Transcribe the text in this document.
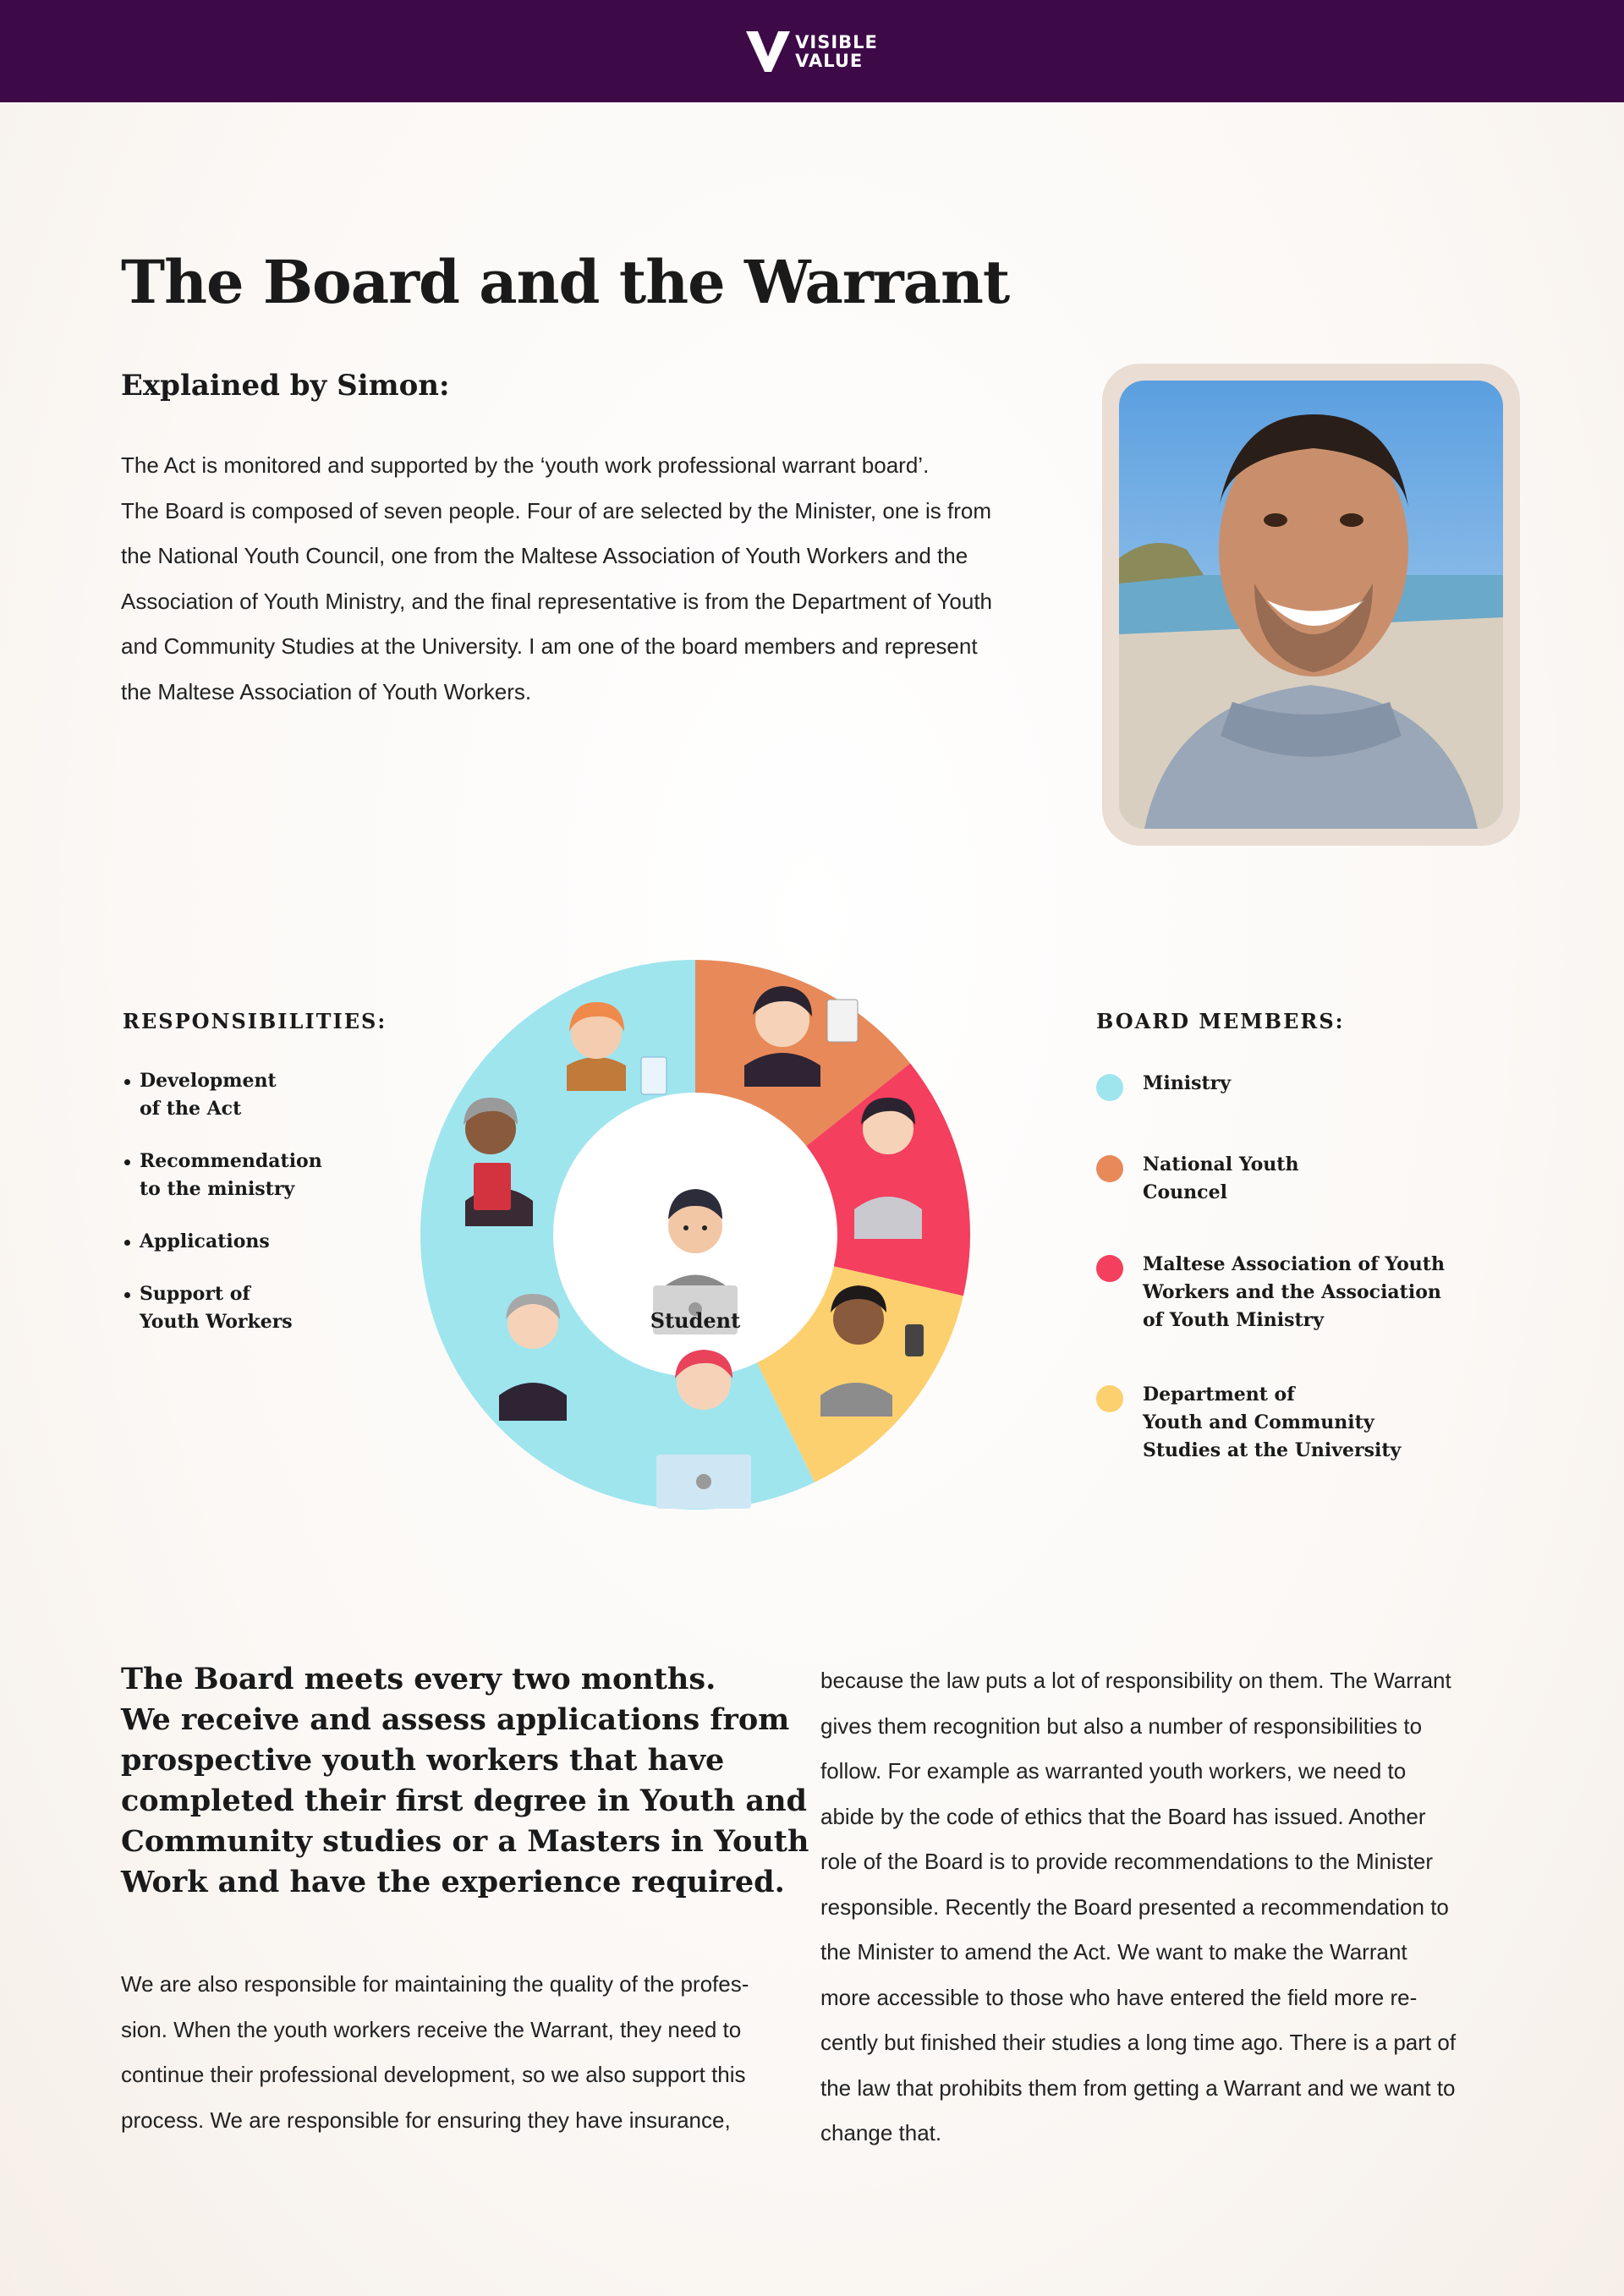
VISIBLE
VALUE
The Board and the Warrant
Explained by Simon:

The Act is monitored and supported by the ‘youth work professional warrant board’.

The Board is composed of seven people. Four of are selected by the Minister, one is from

the National Youth Council, one from the Maltese Association of Youth Workers and the

Association of Youth Ministry, and the final representative is from the Department of Youth

and Community Studies at the University. I am one of the board members and represent

the Maltese Association of Youth Workers.

RESPONSIBILITIES:
Development
of the Act
Recommendation
to the ministry
Applications
Support of
Youth Workers	Student
BOARD MEMBERS:
Ministry
National Youth
Councel
Maltese Association of Youth
Workers and the Association
of Youth Ministry
Department of
Youth and Community
Studies at the University

The Board meets every two months.

We receive and assess applications from

prospective youth workers that have

completed their first degree in Youth and

Community studies or a Masters in Youth

Work and have the experience required.

We are also responsible for maintaining the quality of the profes-

sion. When the youth workers receive the Warrant, they need to

continue their professional development, so we also support this

process. We are responsible for ensuring they have insurance,

because the law puts a lot of responsibility on them. The Warrant

gives them recognition but also a number of responsibilities to

follow. For example as warranted youth workers, we need to

abide by the code of ethics that the Board has issued. Another

role of the Board is to provide recommendations to the Minister

responsible. Recently the Board presented a recommendation to

the Minister to amend the Act. We want to make the Warrant

more accessible to those who have entered the field more re-

cently but finished their studies a long time ago. There is a part of

the law that prohibits them from getting a Warrant and we want to

change that.
